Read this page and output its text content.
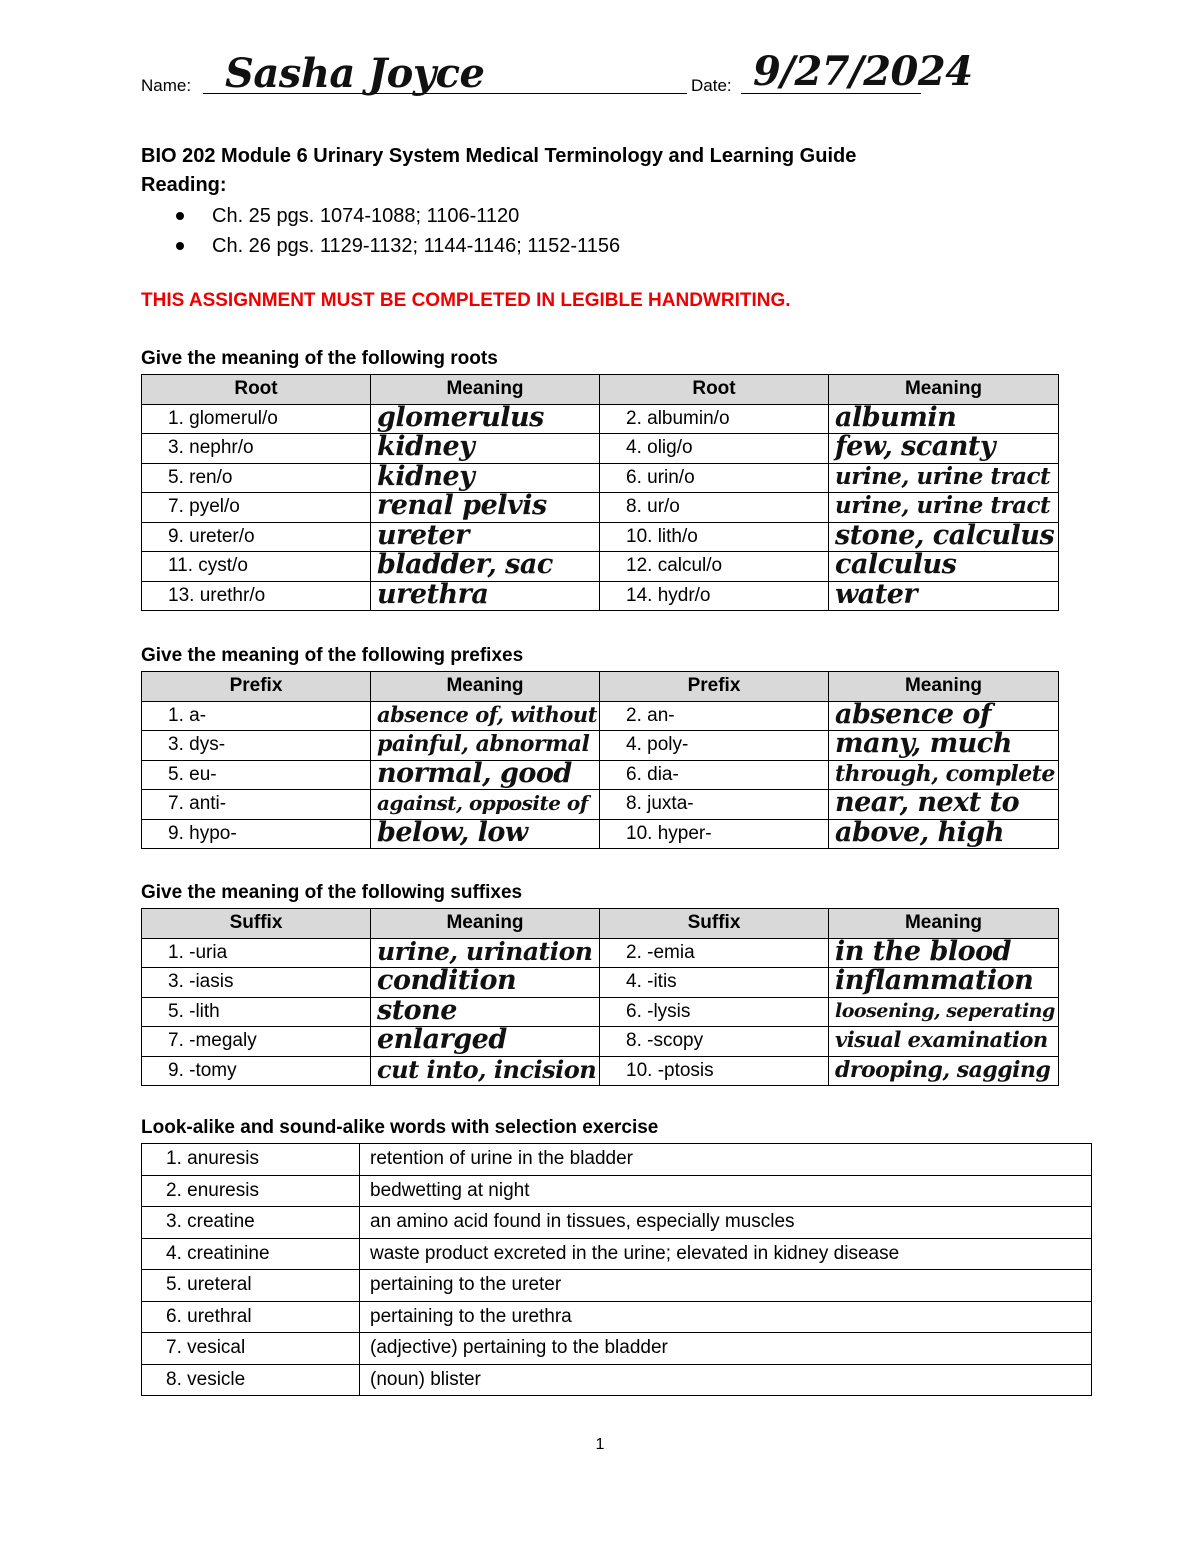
Name: Sasha Joyce	Date: 9/27/2024
BIO 202 Module 6 Urinary System Medical Terminology and Learning Guide
Reading:
Ch. 25 pgs. 1074-1088; 1106-1120
Ch. 26 pgs. 1129-1132; 1144-1146; 1152-1156
THIS ASSIGNMENT MUST BE COMPLETED IN LEGIBLE HANDWRITING.
Give the meaning of the following roots
Root	Meaning	Root	Meaning
1. glomerul/o	glomerulus	2. albumin/o	albumin

3. nephr/o	kidney	4. olig/o	few, scanty

5. ren/o	kidney	6. urin/o	urine, urine tract

7. pyel/o	renal pelvis	8. ur/o	urine, urine tract

9. ureter/o	ureter	10. lith/o	stone, calculus

11. cyst/o	bladder, sac	12. calcul/o	calculus

13. urethr/o	urethra	14. hydr/o	water
Give the meaning of the following prefixes
Prefix	Meaning	Prefix	Meaning
1. a-	absence of, without	2. an-	absence of

3. dys-	painful, abnormal	4. poly-	many, much

5. eu-	normal, good	6. dia-	through, complete

7. anti-	against, opposite of	8. juxta-	near, next to

9. hypo-	below, low	10. hyper-	above, high
Give the meaning of the following suffixes
Suffix	Meaning	Suffix	Meaning
1. -uria	urine, urination	2. -emia	in the blood

3. -iasis	condition	4. -itis	inflammation

5. -lith	stone	6. -lysis	loosening, seperating

7. -megaly	enlarged	8. -scopy	visual examination

9. -tomy	cut into, incision	10. -ptosis	drooping, sagging
Look-alike and sound-alike words with selection exercise
1. anuresis	retention of urine in the bladder
2. enuresis	bedwetting at night
3. creatine	an amino acid found in tissues, especially muscles
4. creatinine	waste product excreted in the urine; elevated in kidney disease
5. ureteral	pertaining to the ureter
6. urethral	pertaining to the urethra
7. vesical	(adjective) pertaining to the bladder
8. vesicle	(noun) blister
1
